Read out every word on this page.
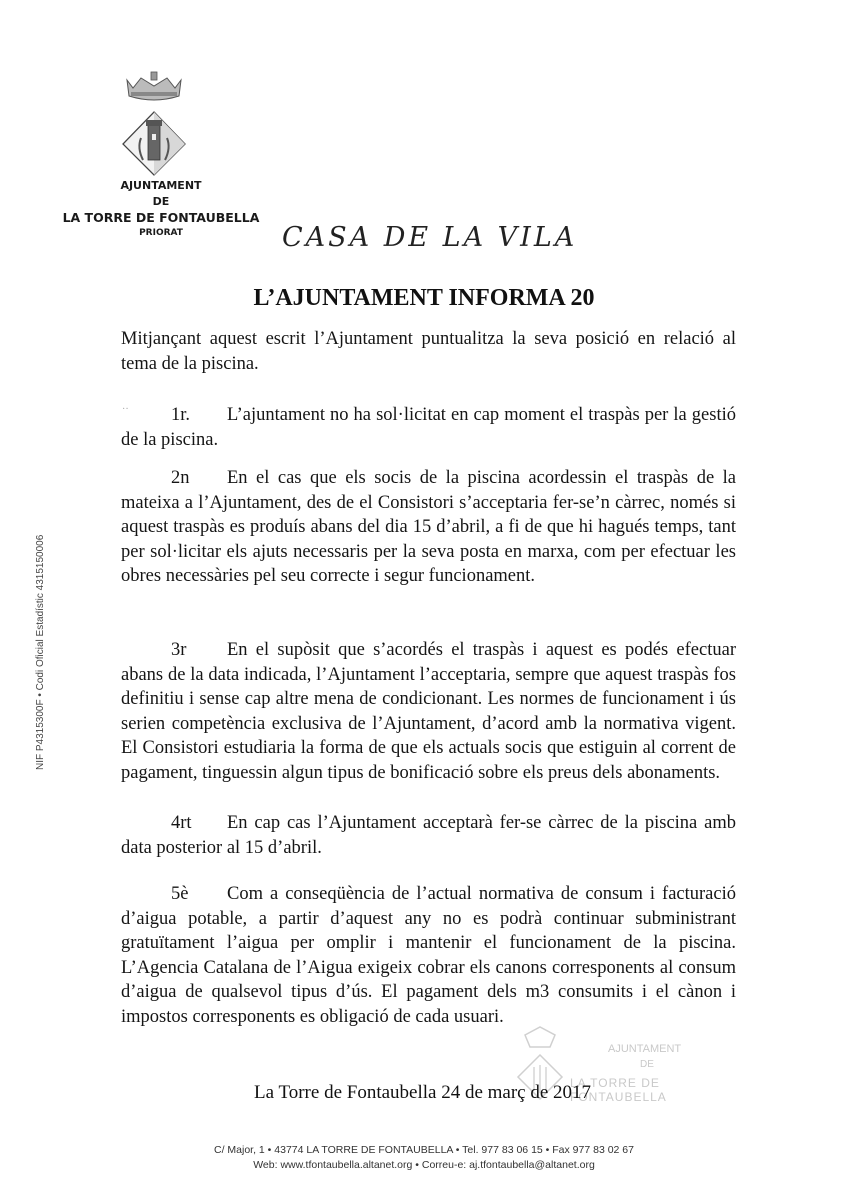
AJUNTAMENT
DE
LA TORRE DE FONTAUBELLA
PRIORAT	CASA DE LA VILA
L’AJUNTAMENT INFORMA 20
NIF P4315300F • Codi Oficial Estadístic 4315150006
Mitjançant aquest escrit l’Ajuntament puntualitza la seva posició en relació al tema de la piscina.
··	1r. L’ajuntament no ha sol·licitat en cap moment el traspàs per la gestió de la piscina.
2n En el cas que els socis de la piscina acordessin el traspàs de la mateixa a l’Ajuntament, des de el Consistori s’acceptaria fer-se’n càrrec, només si aquest traspàs es produís abans del dia 15 d’abril, a fi de que hi hagués temps, tant per sol·licitar els ajuts necessaris per la seva posta en marxa, com per efectuar les obres necessàries pel seu correcte i segur funcionament.
3r En el supòsit que s’acordés el traspàs i aquest es podés efectuar abans de la data indicada, l’Ajuntament l’acceptaria, sempre que aquest traspàs fos definitiu i sense cap altre mena de condicionant. Les normes de funcionament i ús serien competència exclusiva de l’Ajuntament, d’acord amb la normativa vigent. El Consistori estudiaria la forma de que els actuals socis que estiguin al corrent de pagament, tinguessin algun tipus de bonificació sobre els preus dels abonaments.
4rt En cap cas l’Ajuntament acceptarà fer-se càrrec de la piscina amb data posterior al 15 d’abril.
5è Com a conseqüència de l’actual normativa de consum i facturació d’aigua potable, a partir d’aquest any no es podrà continuar subministrant gratuïtament l’aigua per omplir i mantenir el funcionament de la piscina. L’Agencia Catalana de l’Aigua exigeix cobrar els canons corresponents al consum d’aigua de qualsevol tipus d’ús. El pagament dels m3 consumits i el cànon i impostos corresponents es obligació de cada usuari.
AJUNTAMENT
DE
LA TORRE DE FONTAUBELLA
La Torre de Fontaubella 24 de març de 2017
C/ Major, 1 • 43774 LA TORRE DE FONTAUBELLA • Tel. 977 83 06 15 • Fax 977 83 02 67
Web: www.tfontaubella.altanet.org • Correu-e: aj.tfontaubella@altanet.org
